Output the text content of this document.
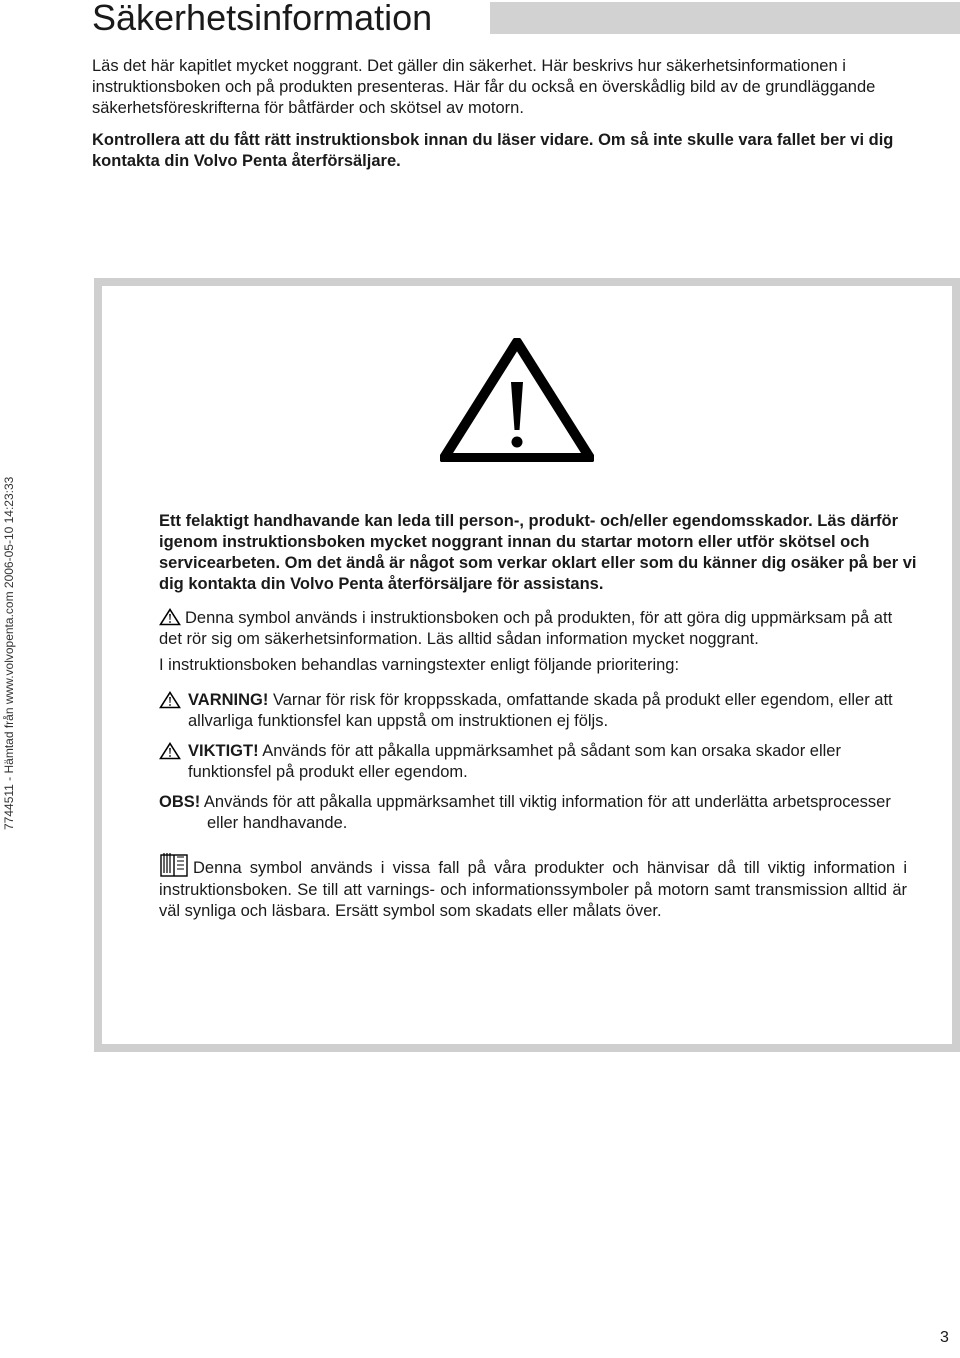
Säkerhetsinformation

Läs det här kapitlet mycket noggrant. Det gäller din säkerhet. Här beskrivs hur säkerhetsinformationen i instruktionsboken och på produkten presenteras. Här får du också en överskådlig bild av de grundläggande säkerhetsföreskrifterna för båtfärder och skötsel av motorn.

Kontrollera att du fått rätt instruktionsbok innan du läser vidare. Om så inte skulle vara fallet ber vi dig kontakta din Volvo Penta återförsäljare.

Ett felaktigt handhavande kan leda till person-, produkt- och/eller egendomsskador. Läs därför igenom instruktionsboken mycket noggrant innan du startar motorn eller utför skötsel och servicearbeten. Om det ändå är något som verkar oklart eller som du känner dig osäker på ber vi dig kontakta din Volvo Penta återförsäljare för assistans.

Denna symbol används i instruktionsboken och på produkten, för att göra dig uppmärksam på att det rör sig om säkerhetsinformation. Läs alltid sådan information mycket noggrant.

I instruktionsboken behandlas varningstexter enligt följande prioritering:

VARNING! Varnar för risk för kroppsskada, omfattande skada på produkt eller egendom, eller att allvarliga funktionsfel kan uppstå om instruktionen ej följs.
VIKTIGT! Används för att påkalla uppmärksamhet på sådant som kan orsaka skador eller funktionsfel på produkt eller egendom.
OBS! Används för att påkalla uppmärksamhet till viktig information för att underlätta arbetsprocesser eller handhavande.

Denna symbol används i vissa fall på våra produkter och hänvisar då till viktig information i instruktionsboken. Se till att varnings- och informationssymboler på motorn samt transmission alltid är väl synliga och läsbara. Ersätt symbol som skadats eller målats över.

7744511 - Hämtad från www.volvopenta.com 2006-05-10 14:23:33
3
